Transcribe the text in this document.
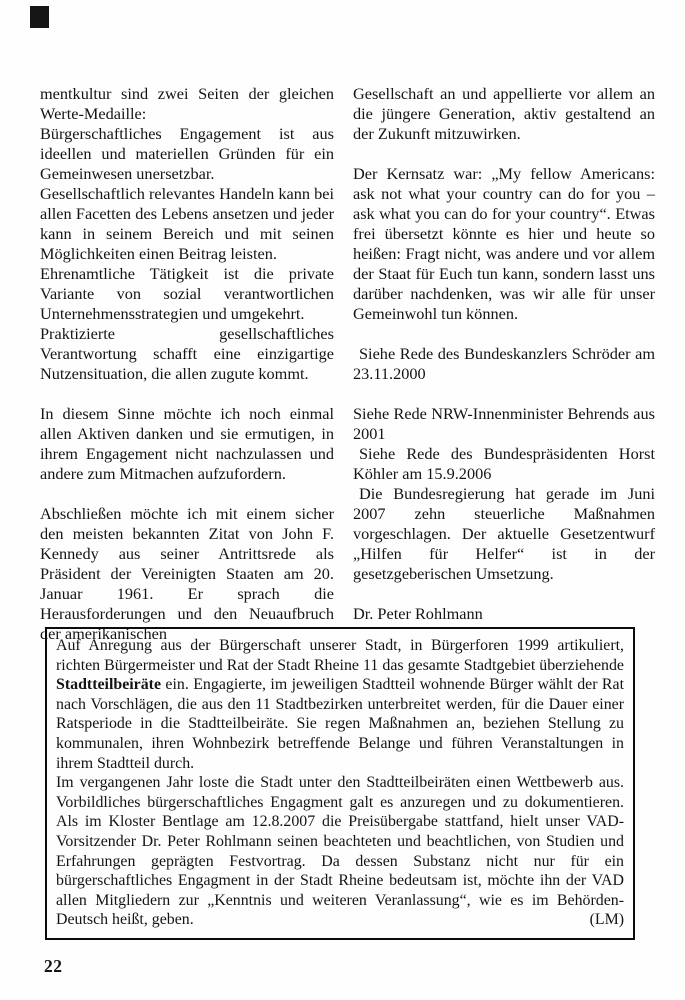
mentkultur sind zwei Seiten der gleichen Werte-Medaille:

Bürgerschaftliches Engagement ist aus ideellen und materiellen Gründen für ein Gemeinwesen unersetzbar.

Gesellschaftlich relevantes Handeln kann bei allen Facetten des Lebens ansetzen und jeder kann in seinem Bereich und mit seinen Möglichkeiten einen Beitrag leisten.

Ehrenamtliche Tätigkeit ist die private Variante von sozial verantwortlichen Unternehmensstrategien und umgekehrt.

Praktizierte gesellschaftliches Verantwortung schafft eine einzigartige Nutzensituation, die allen zugute kommt.

In diesem Sinne möchte ich noch einmal allen Aktiven danken und sie ermutigen, in ihrem Engagement nicht nachzulassen und andere zum Mitmachen aufzufordern.

Abschließen möchte ich mit einem sicher den meisten bekannten Zitat von John F. Kennedy aus seiner Antrittsrede als Präsident der Vereinigten Staaten am 20. Januar 1961. Er sprach die Herausforderungen und den Neuaufbruch der amerikanischen

Gesellschaft an und appellierte vor allem an die jüngere Generation, aktiv gestaltend an der Zukunft mitzuwirken.

Der Kernsatz war: „My fellow Americans: ask not what your country can do for you – ask what you can do for your country“. Etwas frei übersetzt könnte es hier und heute so heißen: Fragt nicht, was andere und vor allem der Staat für Euch tun kann, sondern lasst uns darüber nachdenken, was wir alle für unser Gemeinwohl tun können.

Siehe Rede des Bundeskanzlers Schröder am 23.11.2000

Siehe Rede NRW-Innenminister Behrends aus 2001

Siehe Rede des Bundespräsidenten Horst Köhler am 15.9.2006

Die Bundesregierung hat gerade im Juni 2007 zehn steuerliche Maßnahmen vorgeschlagen. Der aktuelle Gesetzentwurf „Hilfen für Helfer“ ist in der gesetzgeberischen Umsetzung.

Dr. Peter Rohlmann

Auf Anregung aus der Bürgerschaft unserer Stadt, in Bürgerforen 1999 artikuliert, richten Bürgermeister und Rat der Stadt Rheine 11 das gesamte Stadtgebiet überziehende Stadtteilbeiräte ein. Engagierte, im jeweiligen Stadtteil wohnende Bürger wählt der Rat nach Vorschlägen, die aus den 11 Stadtbezirken unterbreitet werden, für die Dauer einer Ratsperiode in die Stadtteilbeiräte. Sie regen Maßnahmen an, beziehen Stellung zu kommunalen, ihren Wohnbezirk betreffende Belange und führen Veranstaltungen in ihrem Stadtteil durch.

Im vergangenen Jahr loste die Stadt unter den Stadtteilbeiräten einen Wettbewerb aus. Vorbildliches bürgerschaftliches Engagment galt es anzuregen und zu dokumentieren. Als im Kloster Bentlage am 12.8.2007 die Preisübergabe stattfand, hielt unser VAD-Vorsitzender Dr. Peter Rohlmann seinen beachteten und beachtlichen, von Studien und Erfahrungen geprägten Festvortrag. Da dessen Substanz nicht nur für ein bürgerschaftliches Engagment in der Stadt Rheine bedeutsam ist, möchte ihn der VAD allen Mitgliedern zur „Kenntnis und weiteren Veranlassung“, wie es im Behörden-Deutsch heißt, geben.	(LM)

22
